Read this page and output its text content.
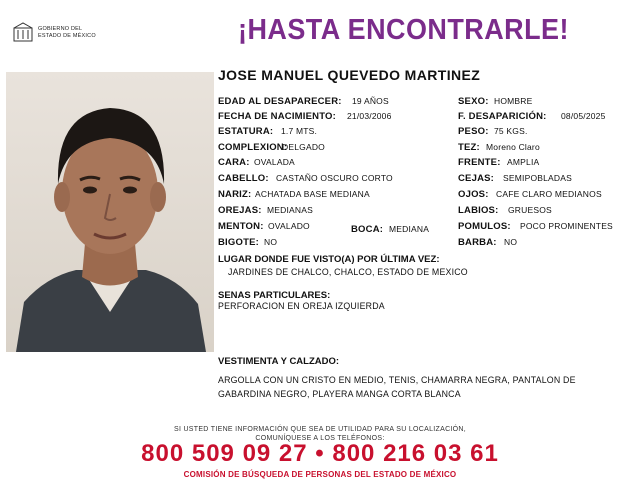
GOBIERNO DEL
ESTADO DE MÉXICO	¡HASTA ENCONTRARLE!
JOSE MANUEL QUEVEDO MARTINEZ
EDAD AL DESAPARECER: 19 AÑOS
FECHA DE NACIMIENTO: 21/03/2006
ESTATURA: 1.7 MTS.
COMPLEXION:
DELGADO
CARA: OVALADA
CABELLO: CASTAÑO OSCURO CORTO
NARIZ: ACHATADA BASE MEDIANA
OREJAS: MEDIANAS
MENTON: OVALADO	BOCA: MEDIANA
BIGOTE: NO
SEXO: HOMBRE
F. DESAPARICIÓN: 08/05/2025
PESO: 75 KGS.
TEZ: Moreno Claro
FRENTE: AMPLIA
CEJAS: SEMIPOBLADAS
OJOS: CAFE CLARO MEDIANOS
LABIOS: GRUESOS
POMULOS: POCO PROMINENTES
BARBA: NO
LUGAR DONDE FUE VISTO(A) POR ÚLTIMA VEZ:
JARDINES DE CHALCO, CHALCO, ESTADO DE MEXICO
SENAS PARTICULARES:
PERFORACION EN OREJA IZQUIERDA
VESTIMENTA Y CALZADO:
ARGOLLA CON UN CRISTO EN MEDIO, TENIS, CHAMARRA NEGRA, PANTALON DE GABARDINA NEGRO, PLAYERA MANGA CORTA BLANCA
SI USTED TIENE INFORMACIÓN QUE SEA DE UTILIDAD PARA SU LOCALIZACIÓN,
COMUNÍQUESE A LOS TELÉFONOS:
800 509 09 27 • 800 216 03 61
COMISIÓN DE BÚSQUEDA DE PERSONAS DEL ESTADO DE MÉXICO
